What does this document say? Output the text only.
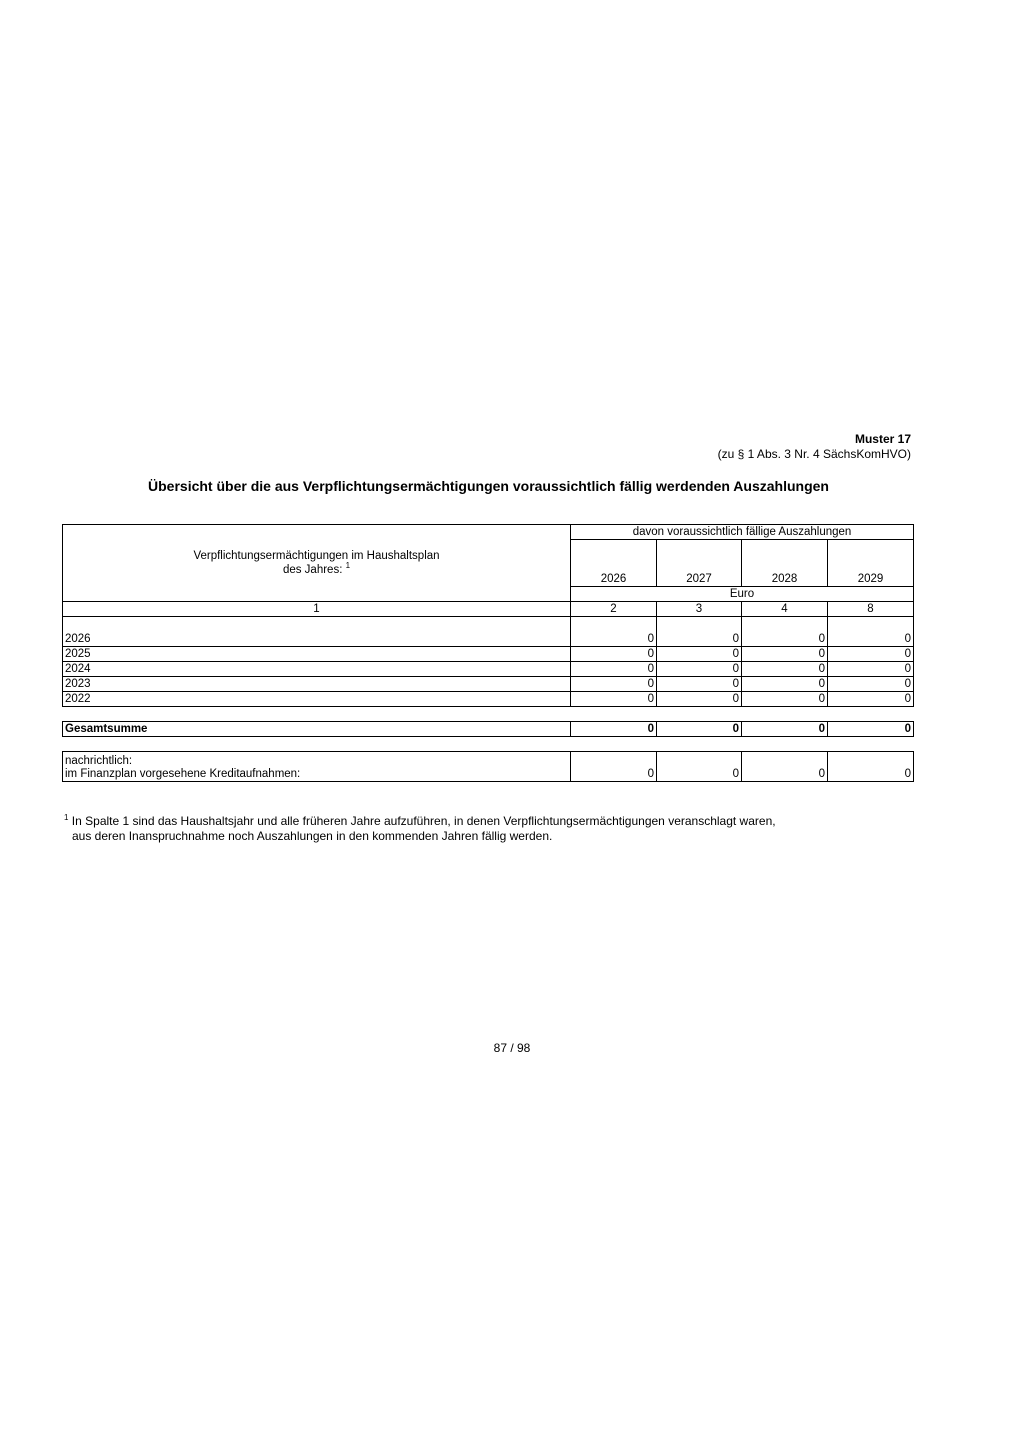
Muster 17
(zu § 1 Abs. 3 Nr. 4 SächsKomHVO)
Übersicht über die aus Verpflichtungsermächtigungen voraussichtlich fällig werdenden Auszahlungen
Verpflichtungsermächtigungen im Haushaltsplan
des Jahres: $^1$	davon voraussichtlich fällige Auszahlungen			
	2026	2027	2028	2029
	Euro			
1	2	3	4	8
2026	0	0	0	0
2025	0	0	0	0
2024	0	0	0	0
2023	0	0	0	0
2022	0	0	0	0

Gesamtsumme	0	0	0	0

nachrichtlich:
im Finanzplan vorgesehene Kreditaufnahmen:	0	0	0	0
$^1$ In Spalte 1 sind das Haushaltsjahr und alle früheren Jahre aufzuführen, in denen Verpflichtungsermächtigungen veranschlagt waren,
aus deren Inanspruchnahme noch Auszahlungen in den kommenden Jahren fällig werden.
87 / 98
